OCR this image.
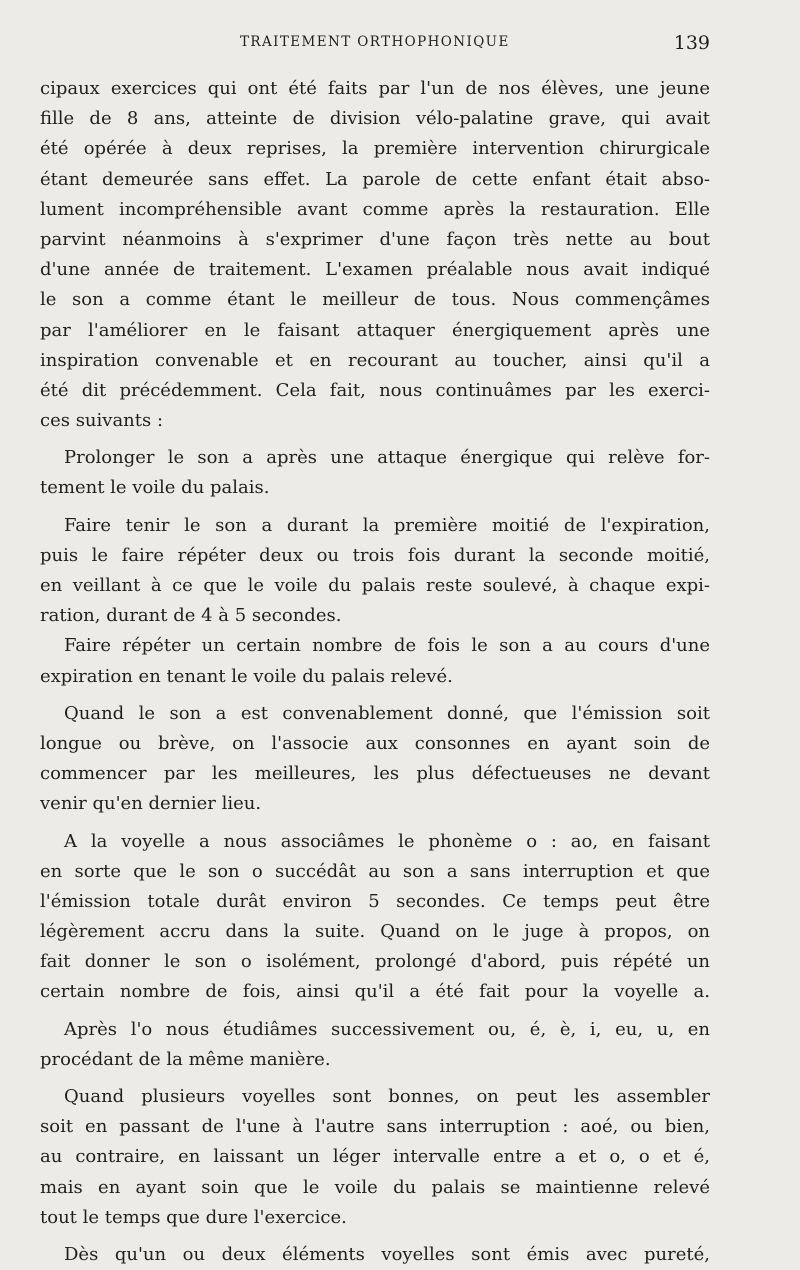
TRAITEMENT ORTHOPHONIQUE	139
cipaux exercices qui ont été faits par l'un de nos élèves, une jeune
fille de 8 ans, atteinte de division vélo-palatine grave, qui avait
été opérée à deux reprises, la première intervention chirurgicale
étant demeurée sans effet. La parole de cette enfant était abso-
lument incompréhensible avant comme après la restauration. Elle
parvint néanmoins à s'exprimer d'une façon très nette au bout
d'une année de traitement. L'examen préalable nous avait indiqué
le son a comme étant le meilleur de tous. Nous commençâmes
par l'améliorer en le faisant attaquer énergiquement après une
inspiration convenable et en recourant au toucher, ainsi qu'il a
été dit précédemment. Cela fait, nous continuâmes par les exerci-
ces suivants :
Prolonger le son a après une attaque énergique qui relève for-
tement le voile du palais.
Faire tenir le son a durant la première moitié de l'expiration,
puis le faire répéter deux ou trois fois durant la seconde moitié,
en veillant à ce que le voile du palais reste soulevé, à chaque expi-
ration, durant de 4 à 5 secondes.
Faire répéter un certain nombre de fois le son a au cours d'une
expiration en tenant le voile du palais relevé.
Quand le son a est convenablement donné, que l'émission soit
longue ou brève, on l'associe aux consonnes en ayant soin de
commencer par les meilleures, les plus défectueuses ne devant
venir qu'en dernier lieu.
A la voyelle a nous associâmes le phonème o : ao, en faisant
en sorte que le son o succédât au son a sans interruption et que
l'émission totale durât environ 5 secondes. Ce temps peut être
légèrement accru dans la suite. Quand on le juge à propos, on
fait donner le son o isolément, prolongé d'abord, puis répété un
certain nombre de fois, ainsi qu'il a été fait pour la voyelle a.
Après l'o nous étudiâmes successivement ou, é, è, i, eu, u, en
procédant de la même manière.
Quand plusieurs voyelles sont bonnes, on peut les assembler
soit en passant de l'une à l'autre sans interruption : aoé, ou bien,
au contraire, en laissant un léger intervalle entre a et o, o et é,
mais en ayant soin que le voile du palais se maintienne relevé
tout le temps que dure l'exercice.
Dès qu'un ou deux éléments voyelles sont émis avec pureté,
